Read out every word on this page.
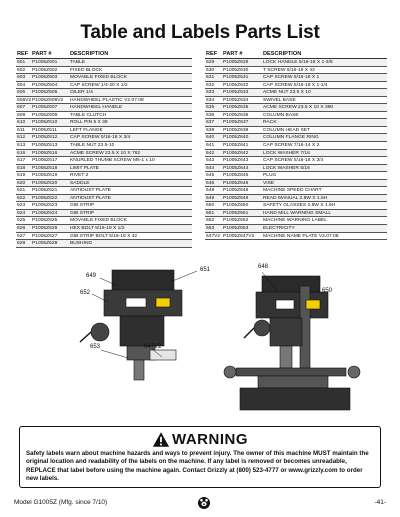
Table and Labels Parts List
REF PART #	DESCRIPTION
601	P1005Z601	TABLE
602	P1005Z602	FIXED BLOCK
603	P1005Z603	MOVABLE FIXED BLOCK
604	P1005Z604	CAP SCREW 1/4-20 X 1/2
605	P1005Z605	OILER 1/4
606V2 P1005Z606V2	HANDWHEEL PLASTIC V2.07.08
607	P1005Z607	HANDWHEEL HANDLE
609	P1005Z609	TABLE CLUTCH
610	P1005Z610	ROLL PIN 5 X 38
611	P1005Z611	LEFT FLANGE
612	P1005Z612	CAP SCREW 5/16-18 X 3/4
613	P1005Z613	TABLE NUT 23.5-10
616	P1005Z616	ACME SCREW 23.5 X 10 X 762
617	P1005Z617	KNURLED THUMB SCREW M6-1 x 10
618	P1005Z618	LIMIT PLATE
619	P1005Z619	RIVET 2
620	P1005Z620	SADDLE
621	P1005Z621	ANTIDUST PLATE
622	P1005Z622	ANTIDUST PLATE
623	P1005Z623	GIB STRIP
624	P1005Z624	GIB STRIP
625	P1005Z625	MOVABLE FIXED BLOCK
626	P1005Z626	HEX BOLT 5/16-18 X 1/2
627	P1005Z627	GIB STRIP BOLT 5/16-18 X 42
628	P1005Z628	BUSHING
REF	PART #	DESCRIPTION
629	P1005Z629	LOCK HANDLE 5/16-18 X 1-3/8
630	P1005Z630	T SCREW 5/16-18 X 42
631	P1005Z631	CAP SCREW 5/16-18 X 1
632	P1005Z632	CAP SCREW 5/16-18 X 1-1/4
633	P1005Z633	ACME NUT 23.5 X 10
634	P1005Z634	SWIVEL BASE
635	P1005Z635	ACME SCREW 23.5 X 10 X 390
636	P1005Z636	COLUMN BASE
637	P1005Z637	RACK
638	P1005Z638	COLUMN HEAD SET
640	P1005Z640	COLUMN FLANGE RING
641	P1005Z641	CAP SCREW 7/16-14 X 2
642	P1005Z642	LOCK WASHER 7/16
643	P1005Z643	CAP SCREW 5/16-18 X 3/4
644	P1005Z644	LOCK WASHER 5/16
645	P1005Z645	PLUG
646	P1005Z646	VISE
648	P1005Z648	MACHINE SPEED CHART
649	P1005Z649	READ MANUAL 2.8W X 1.5H
650	P1005Z650	SAFETY GLASSES 2.8W X 1.5H
651	P1005Z651	HAND MILL WARNING SMALL
652	P1005Z652	MACHINE WARNING LABEL
653	P1005Z653	ELECTRICITY
647V2 P1005Z647V2	MACHINE NAME PLATE V2.07.08
649
651	648
650
652
653	647V2
WARNING
Safety labels warn about machine hazards and ways to prevent injury. The owner of this machine MUST maintain the original location and readability of the labels on the machine. If any label is removed or becomes unreadable, REPLACE that label before using the machine again. Contact Grizzly at (800) 523-4777 or www.grizzly.com to order new labels.
Model G1005Z (Mfg. since 7/10)	-41-
